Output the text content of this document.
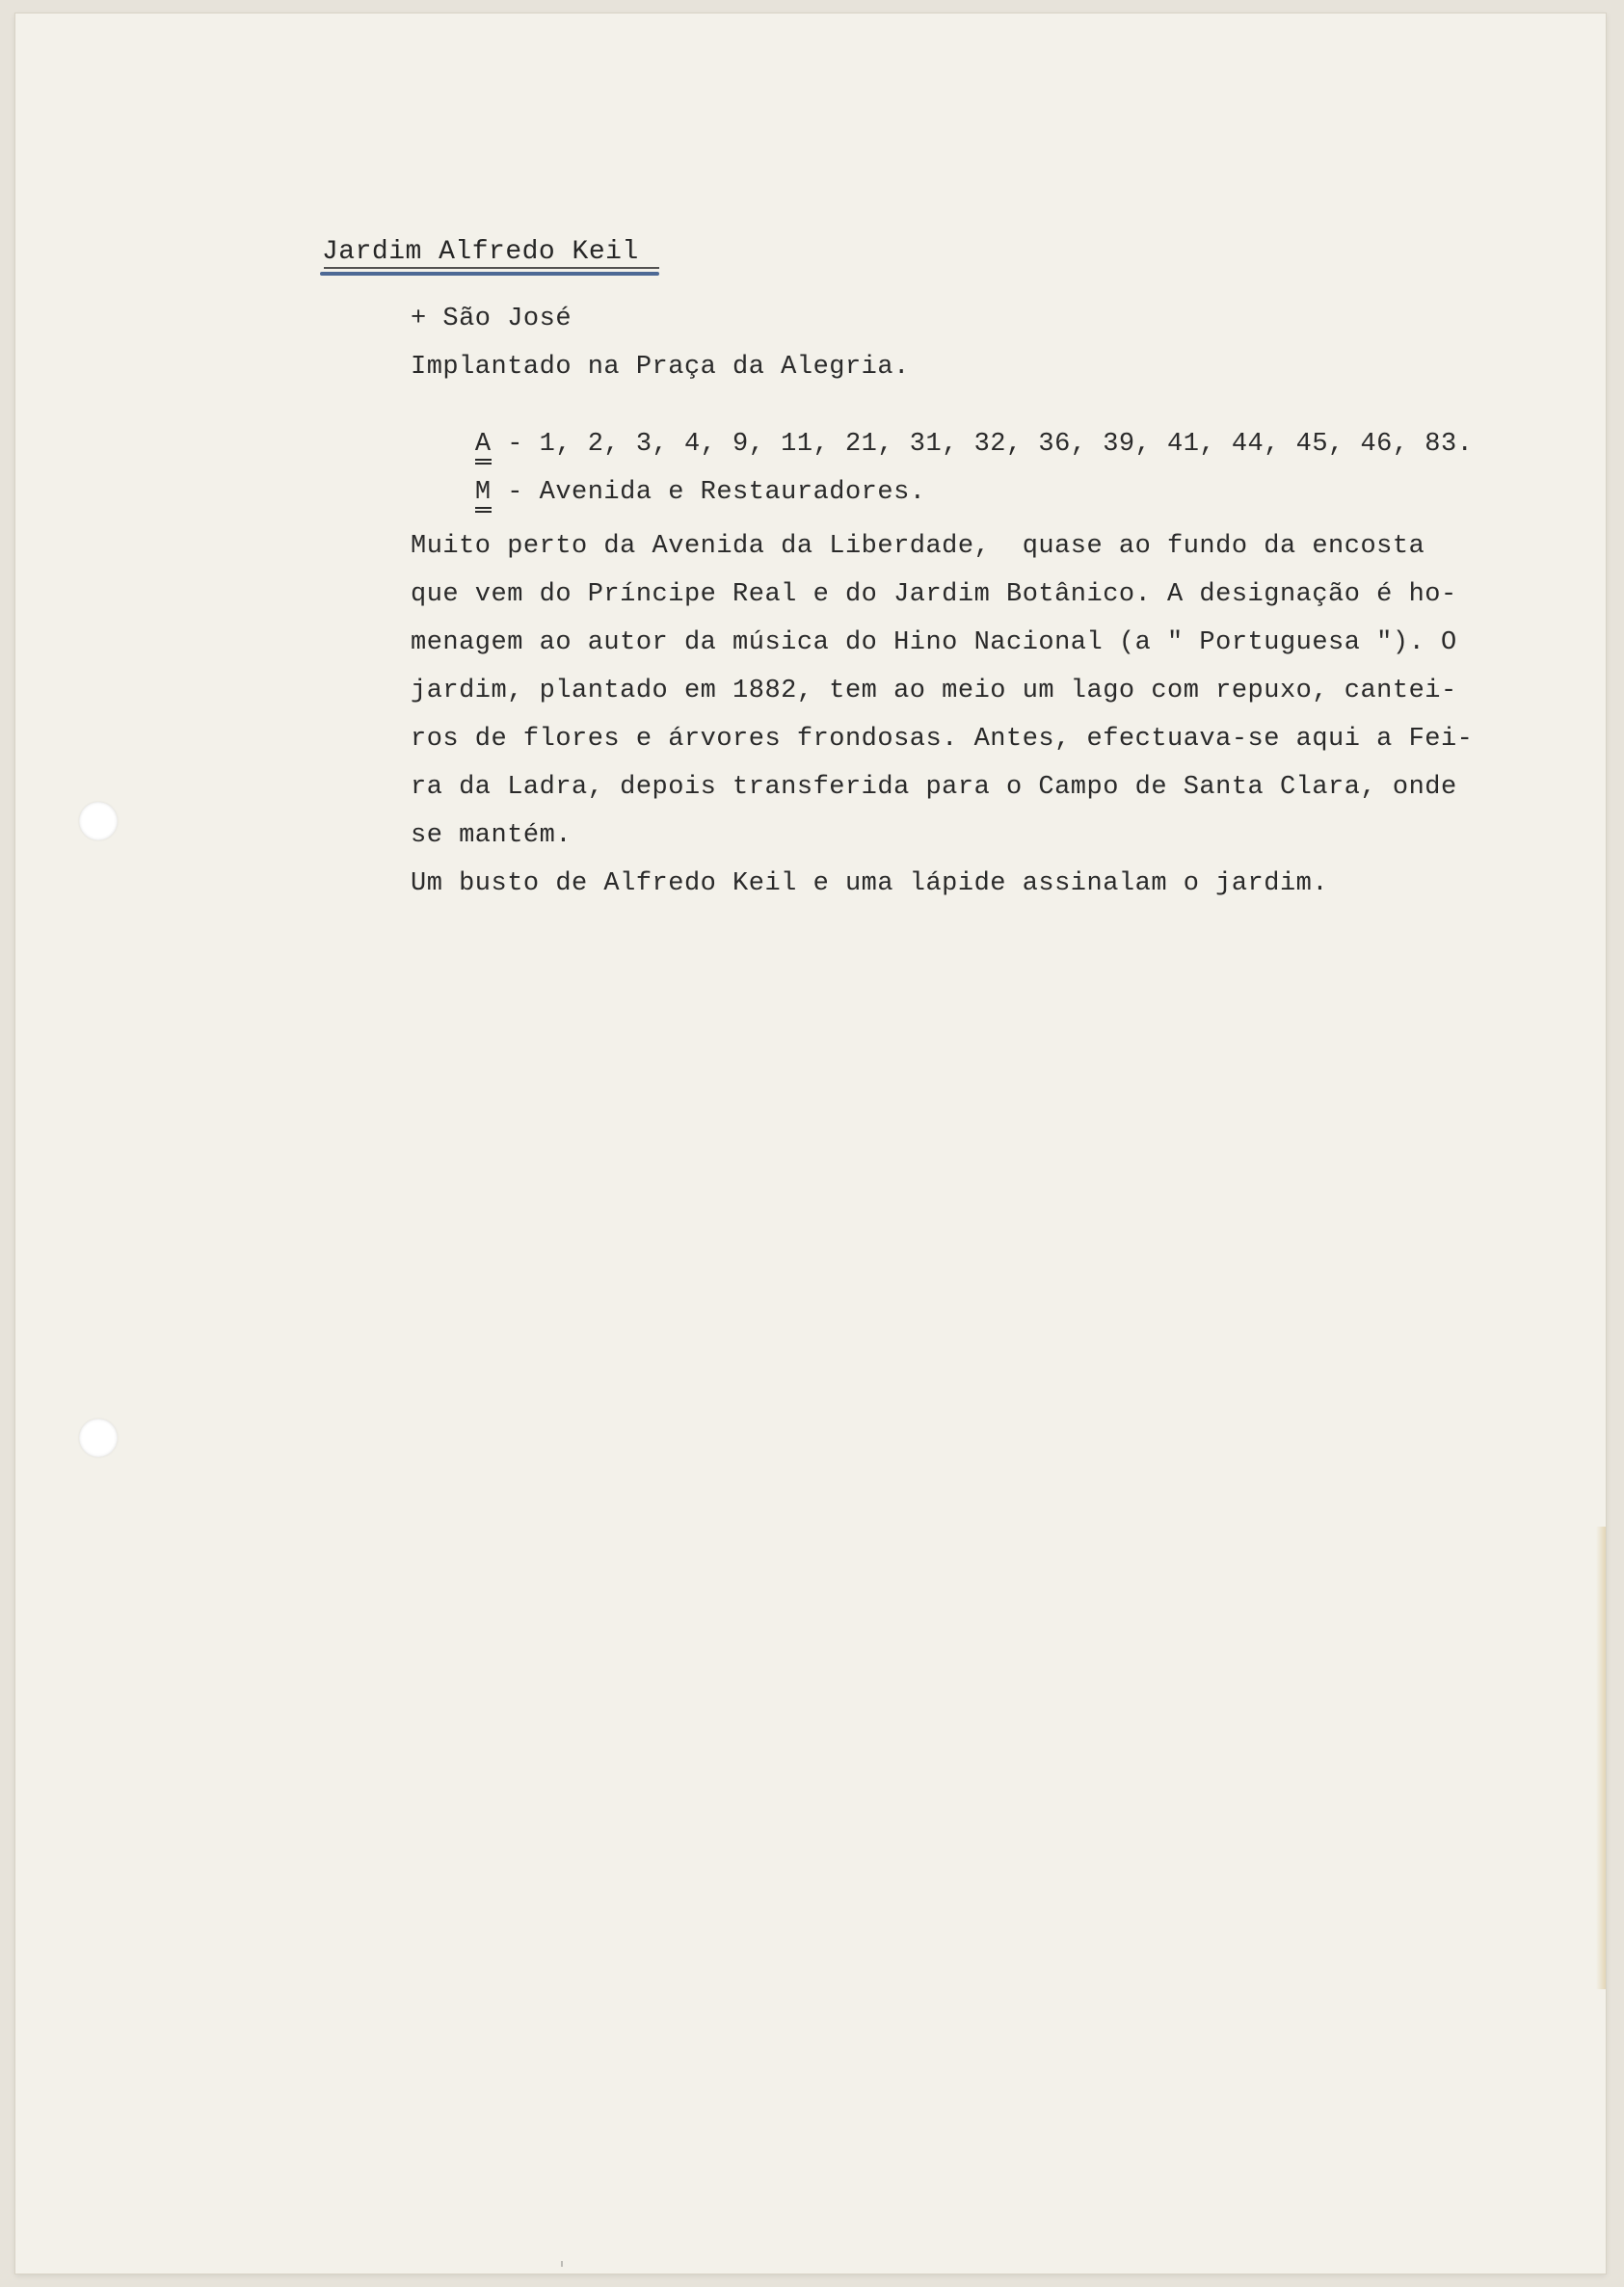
Jardim Alfredo Keil
+ São José
Implantado na Praça da Alegria.

A - 1, 2, 3, 4, 9, 11, 21, 31, 32, 36, 39, 41, 44, 45, 46, 83.

M - Avenida e Restauradores.

Muito perto da Avenida da Liberdade,  quase ao fundo da encosta
que vem do Príncipe Real e do Jardim Botânico. A designação é ho-
menagem ao autor da música do Hino Nacional (a " Portuguesa "). O
jardim, plantado em 1882, tem ao meio um lago com repuxo, cantei-
ros de flores e árvores frondosas. Antes, efectuava-se aqui a Fei-
ra da Ladra, depois transferida para o Campo de Santa Clara, onde
se mantém.
Um busto de Alfredo Keil e uma lápide assinalam o jardim.
